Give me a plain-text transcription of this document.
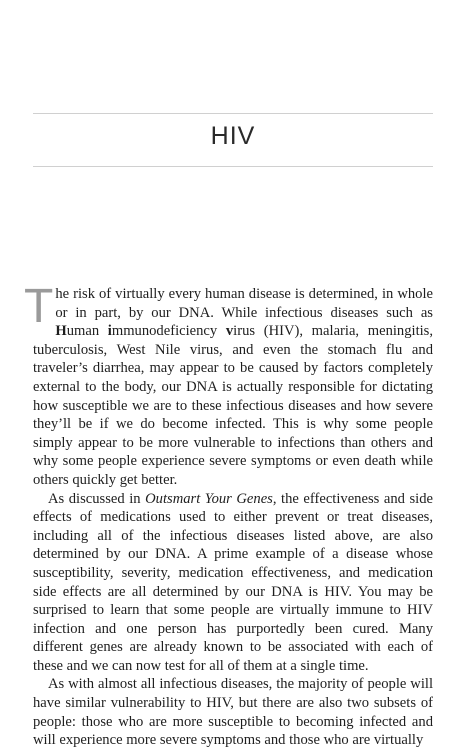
HIV

The risk of virtually every human disease is determined, in whole or in part, by our DNA. While infectious diseases such as Human immunodeficiency virus (HIV), malaria, meningitis, tuberculosis, West Nile virus, and even the stomach flu and traveler’s diarrhea, may appear to be caused by factors completely external to the body, our DNA is actually responsible for dictating how susceptible we are to these infectious diseases and how severe they’ll be if we do become infected. This is why some people simply appear to be more vulnerable to infections than others and why some people experience severe symptoms or even death while others quickly get better.

As discussed in Outsmart Your Genes, the effectiveness and side effects of medications used to either prevent or treat diseases, including all of the infectious diseases listed above, are also determined by our DNA. A prime example of a disease whose susceptibility, severity, medication effectiveness, and medication side effects are all determined by our DNA is HIV. You may be surprised to learn that some people are virtually immune to HIV infection and one person has purportedly been cured. Many different genes are already known to be associated with each of these and we can now test for all of them at a single time.

As with almost all infectious diseases, the majority of people will have similar vulnerability to HIV, but there are also two subsets of people: those who are more susceptible to becoming infected and will experience more severe symptoms and those who are virtually
